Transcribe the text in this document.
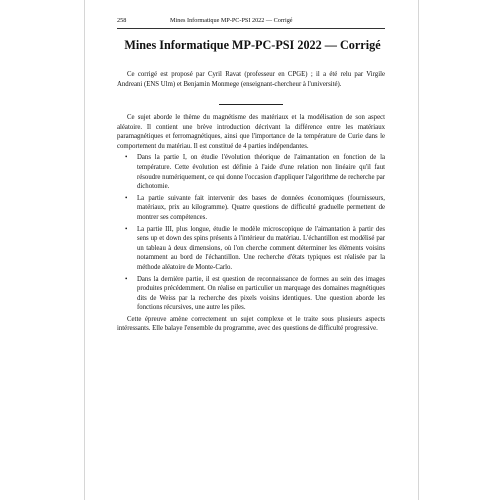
258	Mines Informatique MP-PC-PSI 2022 — Corrigé
Mines Informatique MP-PC-PSI 2022 — Corrigé
Ce corrigé est proposé par Cyril Ravat (professeur en CPGE) ; il a été relu par Virgile Andreani (ENS Ulm) et Benjamin Monmege (enseignant-chercheur à l'université).

Ce sujet aborde le thème du magnétisme des matériaux et la modélisation de son aspect aléatoire. Il contient une brève introduction décrivant la différence entre les matériaux paramagnétiques et ferromagnétiques, ainsi que l'importance de la température de Curie dans le comportement du matériau. Il est constitué de 4 parties indépendantes.

• Dans la partie I, on étudie l'évolution théorique de l'aimantation en fonction de la température. Cette évolution est définie à l'aide d'une relation non linéaire qu'il faut résoudre numériquement, ce qui donne l'occasion d'appliquer l'algorithme de recherche par dichotomie.
• La partie suivante fait intervenir des bases de données économiques (fournisseurs, matériaux, prix au kilogramme). Quatre questions de difficulté graduelle permettent de montrer ses compétences.
• La partie III, plus longue, étudie le modèle microscopique de l'aimantation à partir des sens up et down des spins présents à l'intérieur du matériau. L'échantillon est modélisé par un tableau à deux dimensions, où l'on cherche comment déterminer les éléments voisins notamment au bord de l'échantillon. Une recherche d'états typiques est réalisée par la méthode aléatoire de Monte-Carlo.
• Dans la dernière partie, il est question de reconnaissance de formes au sein des images produites précédemment. On réalise en particulier un marquage des domaines magnétiques dits de Weiss par la recherche des pixels voisins identiques. Une question aborde les fonctions récursives, une autre les piles.

Cette épreuve amène correctement un sujet complexe et le traite sous plusieurs aspects intéressants. Elle balaye l'ensemble du programme, avec des questions de difficulté progressive.
